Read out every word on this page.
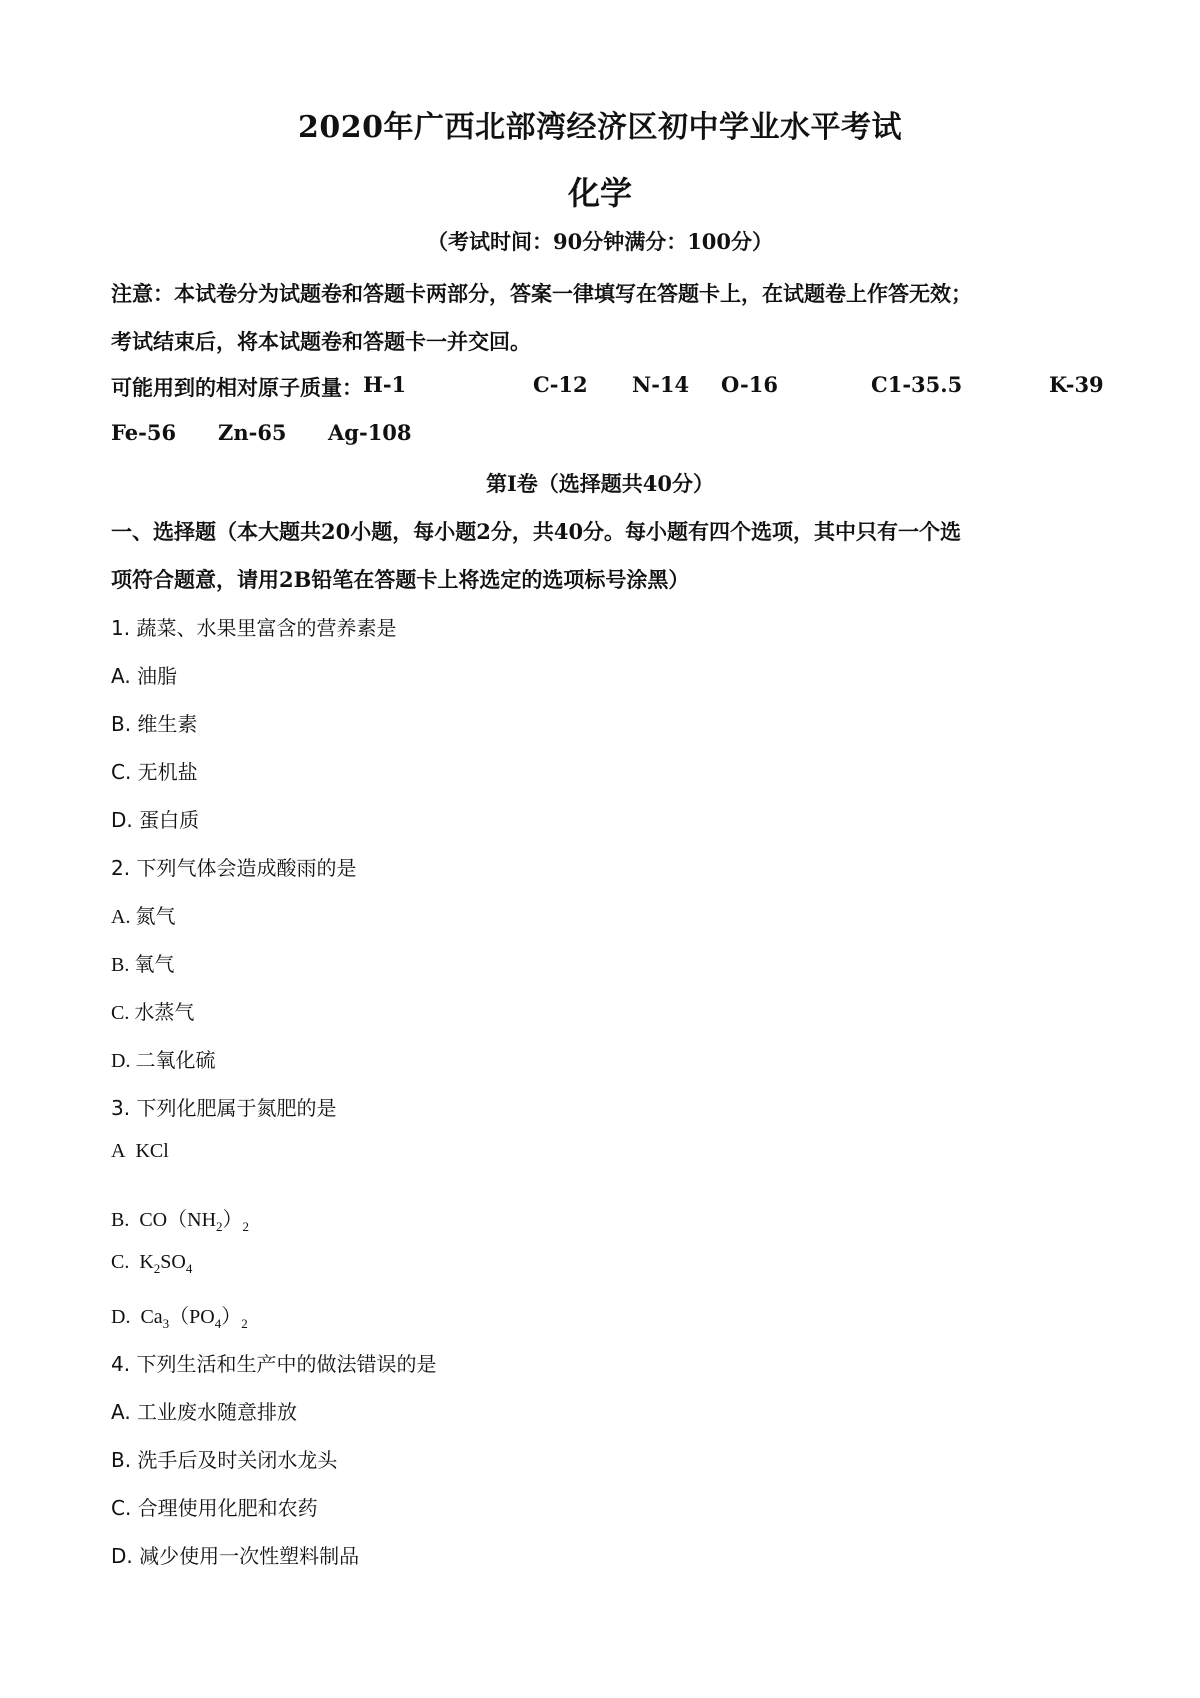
2020年广西北部湾经济区初中学业水平考试
化学
（考试时间：90分钟满分：100分）
注意：本试卷分为试题卷和答题卡两部分，答案一律填写在答题卡上，在试题卷上作答无效；
考试结束后，将本试题卷和答题卡一并交回。
可能用到的相对原子质量： H-1	C-12 N-14 O-16	C1-35.5	K-39
Fe-56 Zn-65 Ag-108
第I卷（选择题共40分）
一、选择题（本大题共20小题，每小题2分，共40分。每小题有四个选项，其中只有一个选
项符合题意，请用2B铅笔在答题卡上将选定的选项标号涂黑）
1. 蔬菜、水果里富含的营养素是
A. 油脂
B. 维生素
C. 无机盐
D. 蛋白质
2. 下列气体会造成酸雨的是
A. 氮气
B. 氧气
C. 水蒸气
D. 二氧化硫
3. 下列化肥属于氮肥的是
A KCl
B. $CO(NH_2)_2$
C. $K_2SO_4$
D. $Ca_3(PO_4)_2$
4. 下列生活和生产中的做法错误的是
A. 工业废水随意排放
B. 洗手后及时关闭水龙头
C. 合理使用化肥和农药
D. 减少使用一次性塑料制品
